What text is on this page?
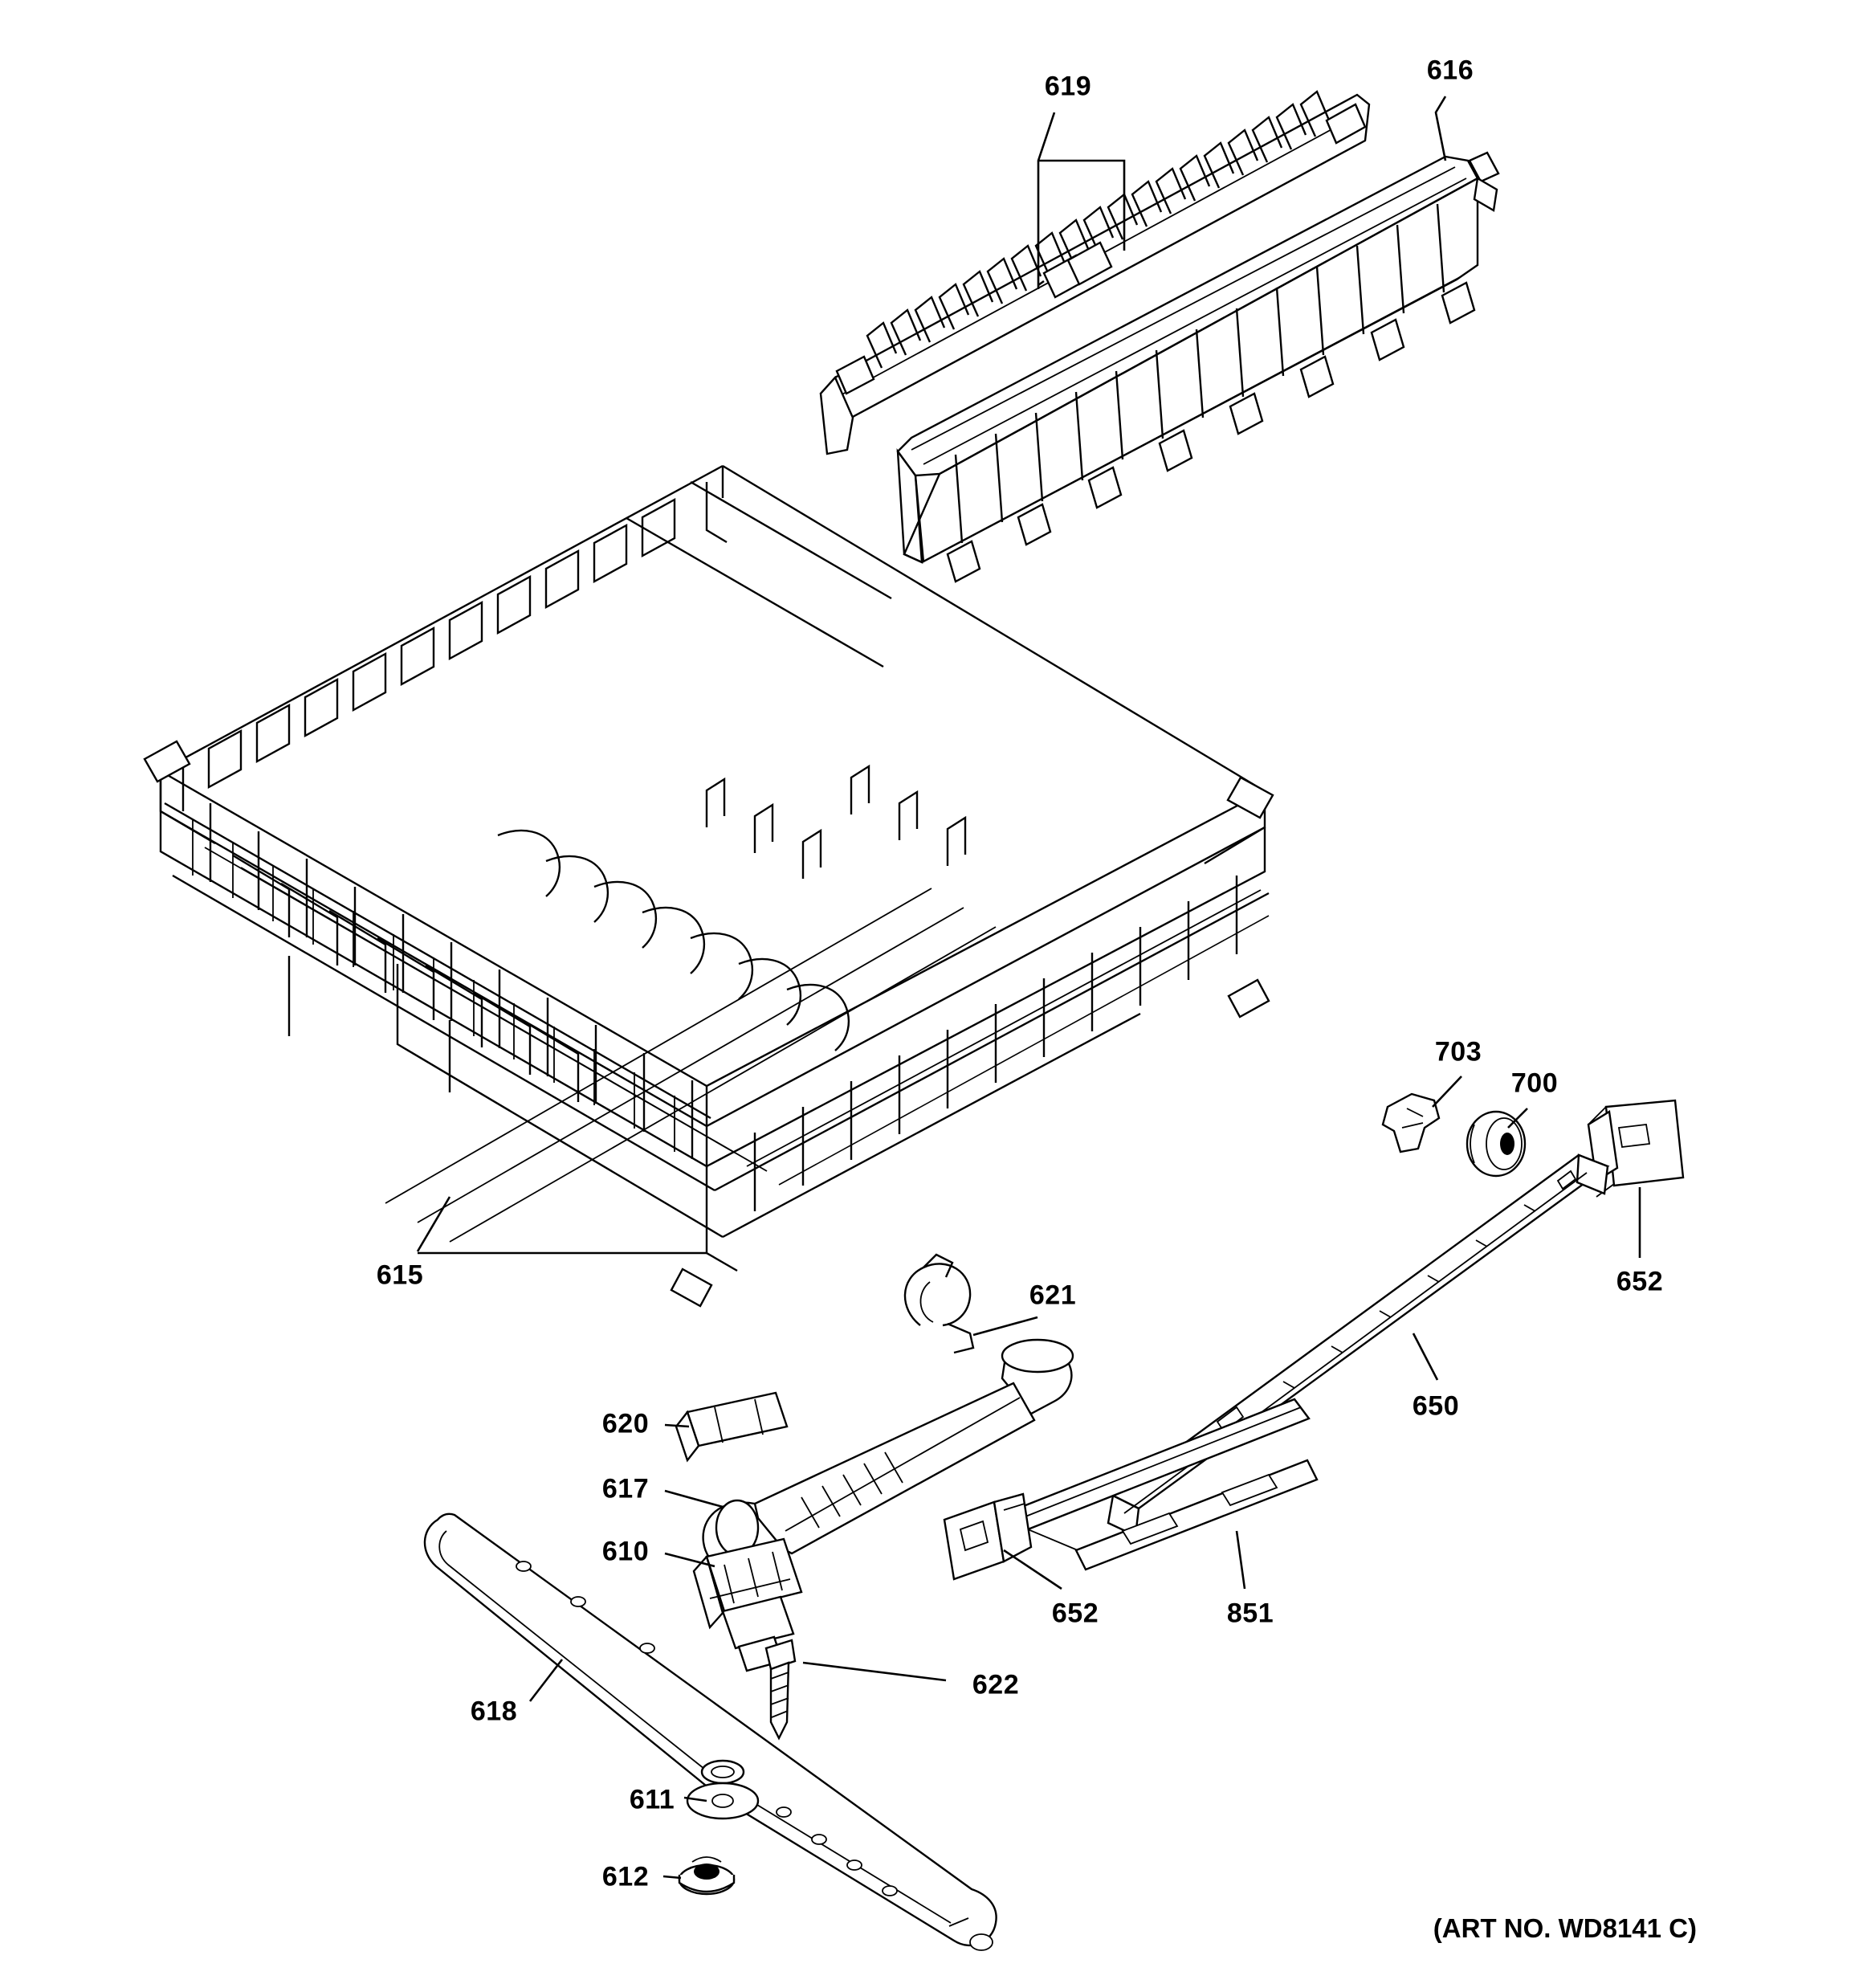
619
616
615
703
700
652
650
621
620
617
610
652	851
622
618
611
612
(ART NO. WD8141 C)
